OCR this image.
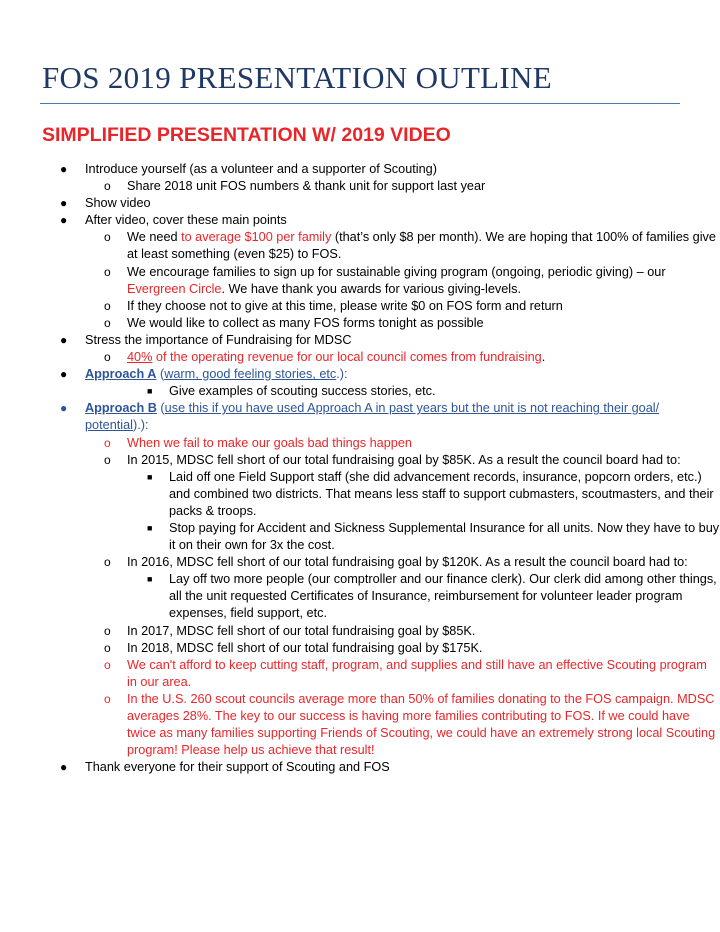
FOS 2019 PRESENTATION OUTLINE
SIMPLIFIED PRESENTATION W/ 2019 VIDEO
● Introduce yourself (as a volunteer and a supporter of Scouting)
o Share 2018 unit FOS numbers & thank unit for support last year
● Show video
● After video, cover these main points
o We need to average $100 per family (that’s only $8 per month). We are hoping that 100% of families give at least something (even $25) to FOS.
o We encourage families to sign up for sustainable giving program (ongoing, periodic giving) – our Evergreen Circle. We have thank you awards for various giving-levels.
o If they choose not to give at this time, please write $0 on FOS form and return
o We would like to collect as many FOS forms tonight as possible
● Stress the importance of Fundraising for MDSC
o 40% of the operating revenue for our local council comes from fundraising.
● Approach A (warm, good feeling stories, etc.):
■ Give examples of scouting success stories, etc.
● Approach B (use this if you have used Approach A in past years but the unit is not reaching their goal/ potential).):
o When we fail to make our goals bad things happen
o In 2015, MDSC fell short of our total fundraising goal by $85K. As a result the council board had to:
■ Laid off one Field Support staff (she did advancement records, insurance, popcorn orders, etc.) and combined two districts. That means less staff to support cubmasters, scoutmasters, and their packs & troops.
■ Stop paying for Accident and Sickness Supplemental Insurance for all units. Now they have to buy it on their own for 3x the cost.
o In 2016, MDSC fell short of our total fundraising goal by $120K. As a result the council board had to:
■ Lay off two more people (our comptroller and our finance clerk). Our clerk did among other things, all the unit requested Certificates of Insurance, reimbursement for volunteer leader program expenses, field support, etc.
o In 2017, MDSC fell short of our total fundraising goal by $85K.
o In 2018, MDSC fell short of our total fundraising goal by $175K.
o We can't afford to keep cutting staff, program, and supplies and still have an effective Scouting program in our area.
o In the U.S. 260 scout councils average more than 50% of families donating to the FOS campaign. MDSC averages 28%. The key to our success is having more families contributing to FOS. If we could have twice as many families supporting Friends of Scouting, we could have an extremely strong local Scouting program! Please help us achieve that result!
● Thank everyone for their support of Scouting and FOS
